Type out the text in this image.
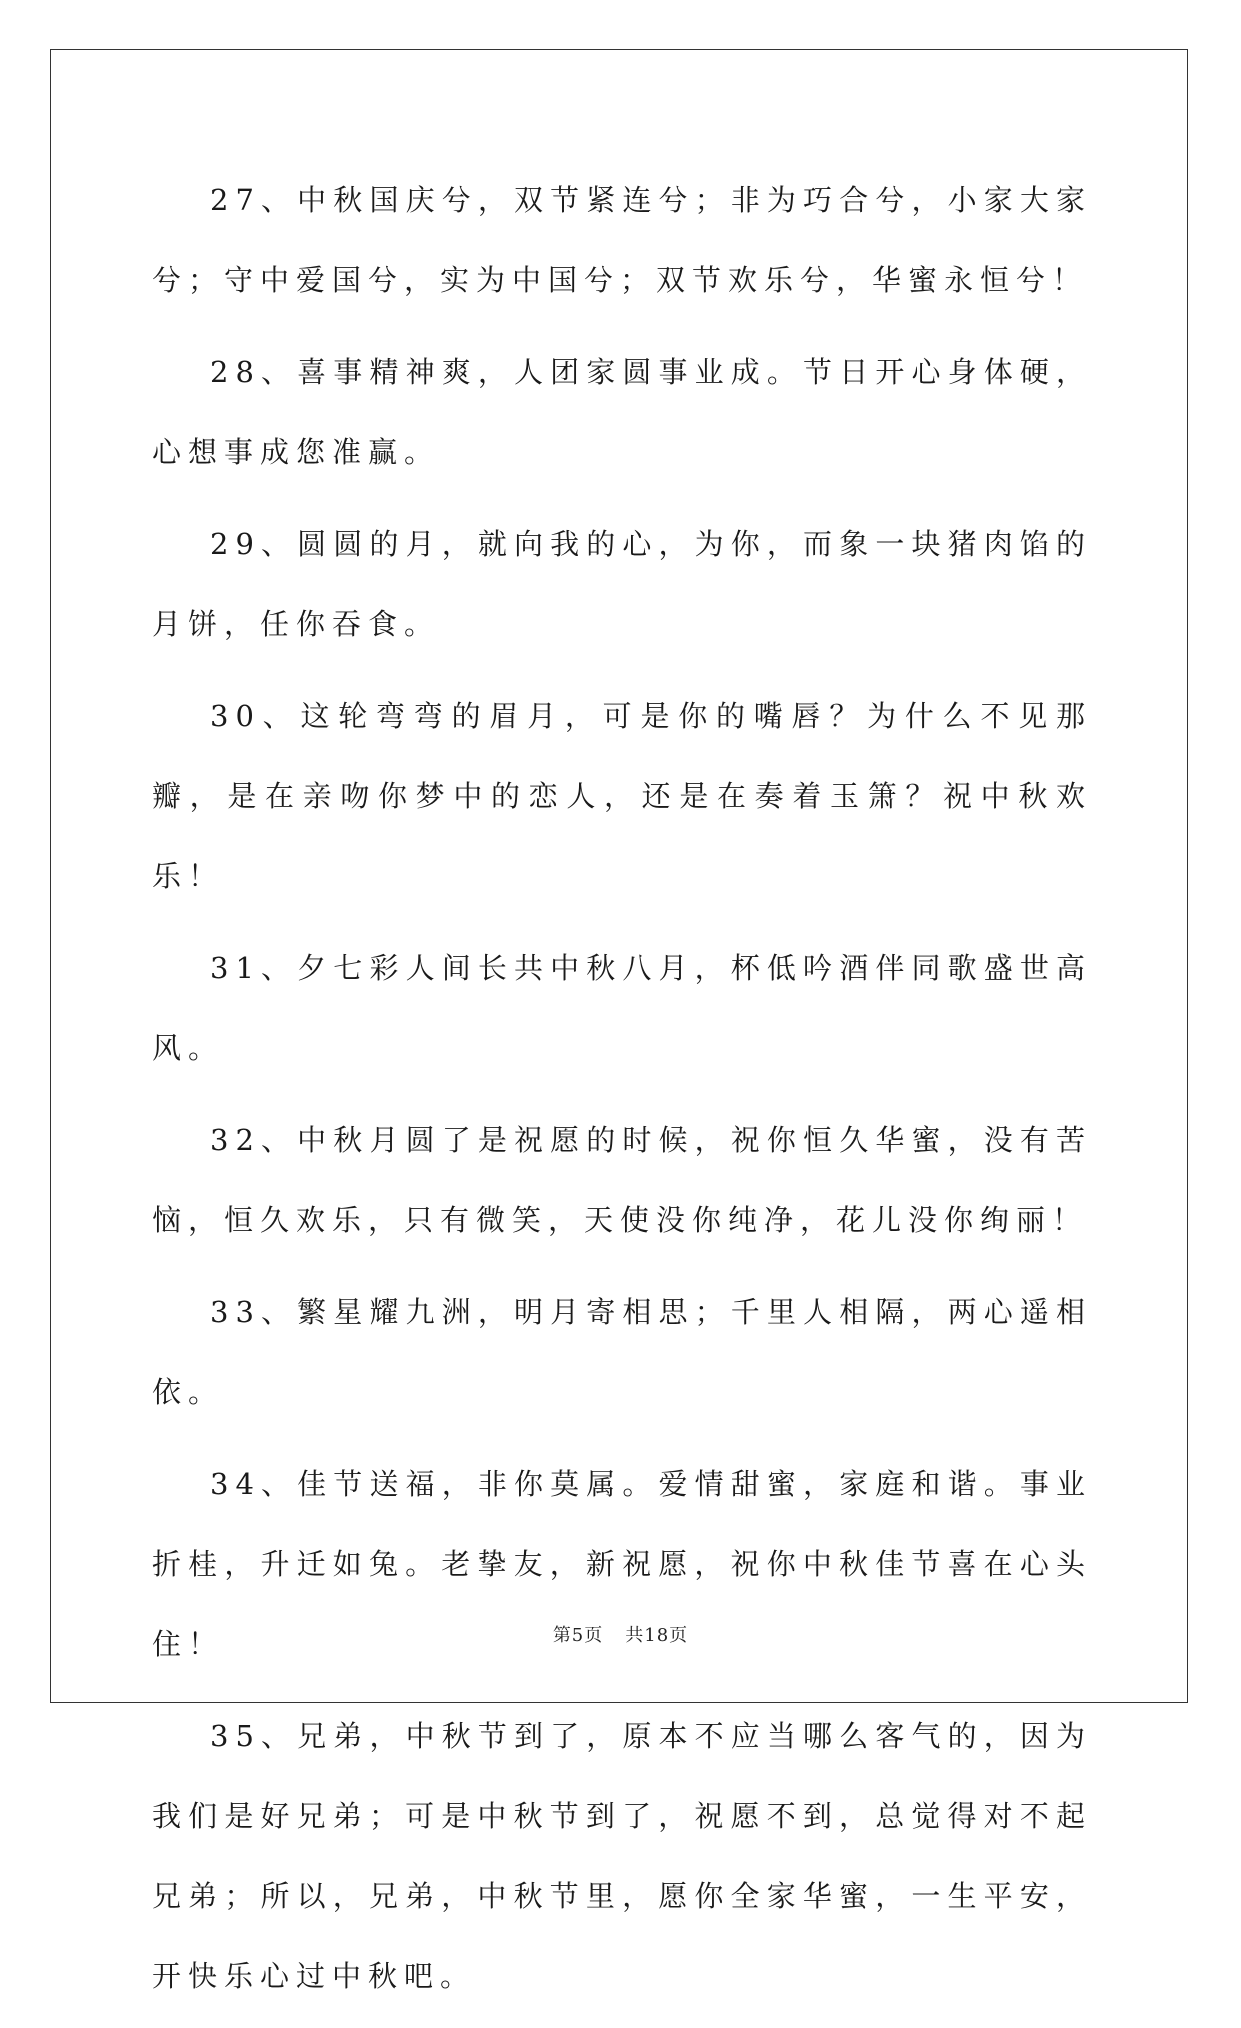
27、中秋国庆兮，双节紧连兮；非为巧合兮，小家大家兮；守中爱国兮，实为中国兮；双节欢乐兮，华蜜永恒兮！

28、喜事精神爽，人团家圆事业成。节日开心身体硬，心想事成您准赢。

29、圆圆的月，就向我的心，为你，而象一块猪肉馅的月饼，任你吞食。

30、这轮弯弯的眉月，可是你的嘴唇？为什么不见那瓣，是在亲吻你梦中的恋人，还是在奏着玉箫？祝中秋欢乐！

31、夕七彩人间长共中秋八月，杯低吟酒伴同歌盛世高风。

32、中秋月圆了是祝愿的时候，祝你恒久华蜜，没有苦恼，恒久欢乐，只有微笑，天使没你纯净，花儿没你绚丽！

33、繁星耀九洲，明月寄相思；千里人相隔，两心遥相依。

34、佳节送福，非你莫属。爱情甜蜜，家庭和谐。事业折桂，升迁如兔。老挚友，新祝愿，祝你中秋佳节喜在心头住！

35、兄弟，中秋节到了，原本不应当哪么客气的，因为我们是好兄弟；可是中秋节到了，祝愿不到，总觉得对不起兄弟；所以，兄弟，中秋节里，愿你全家华蜜，一生平安，开快乐心过中秋吧。

第5页 共18页
